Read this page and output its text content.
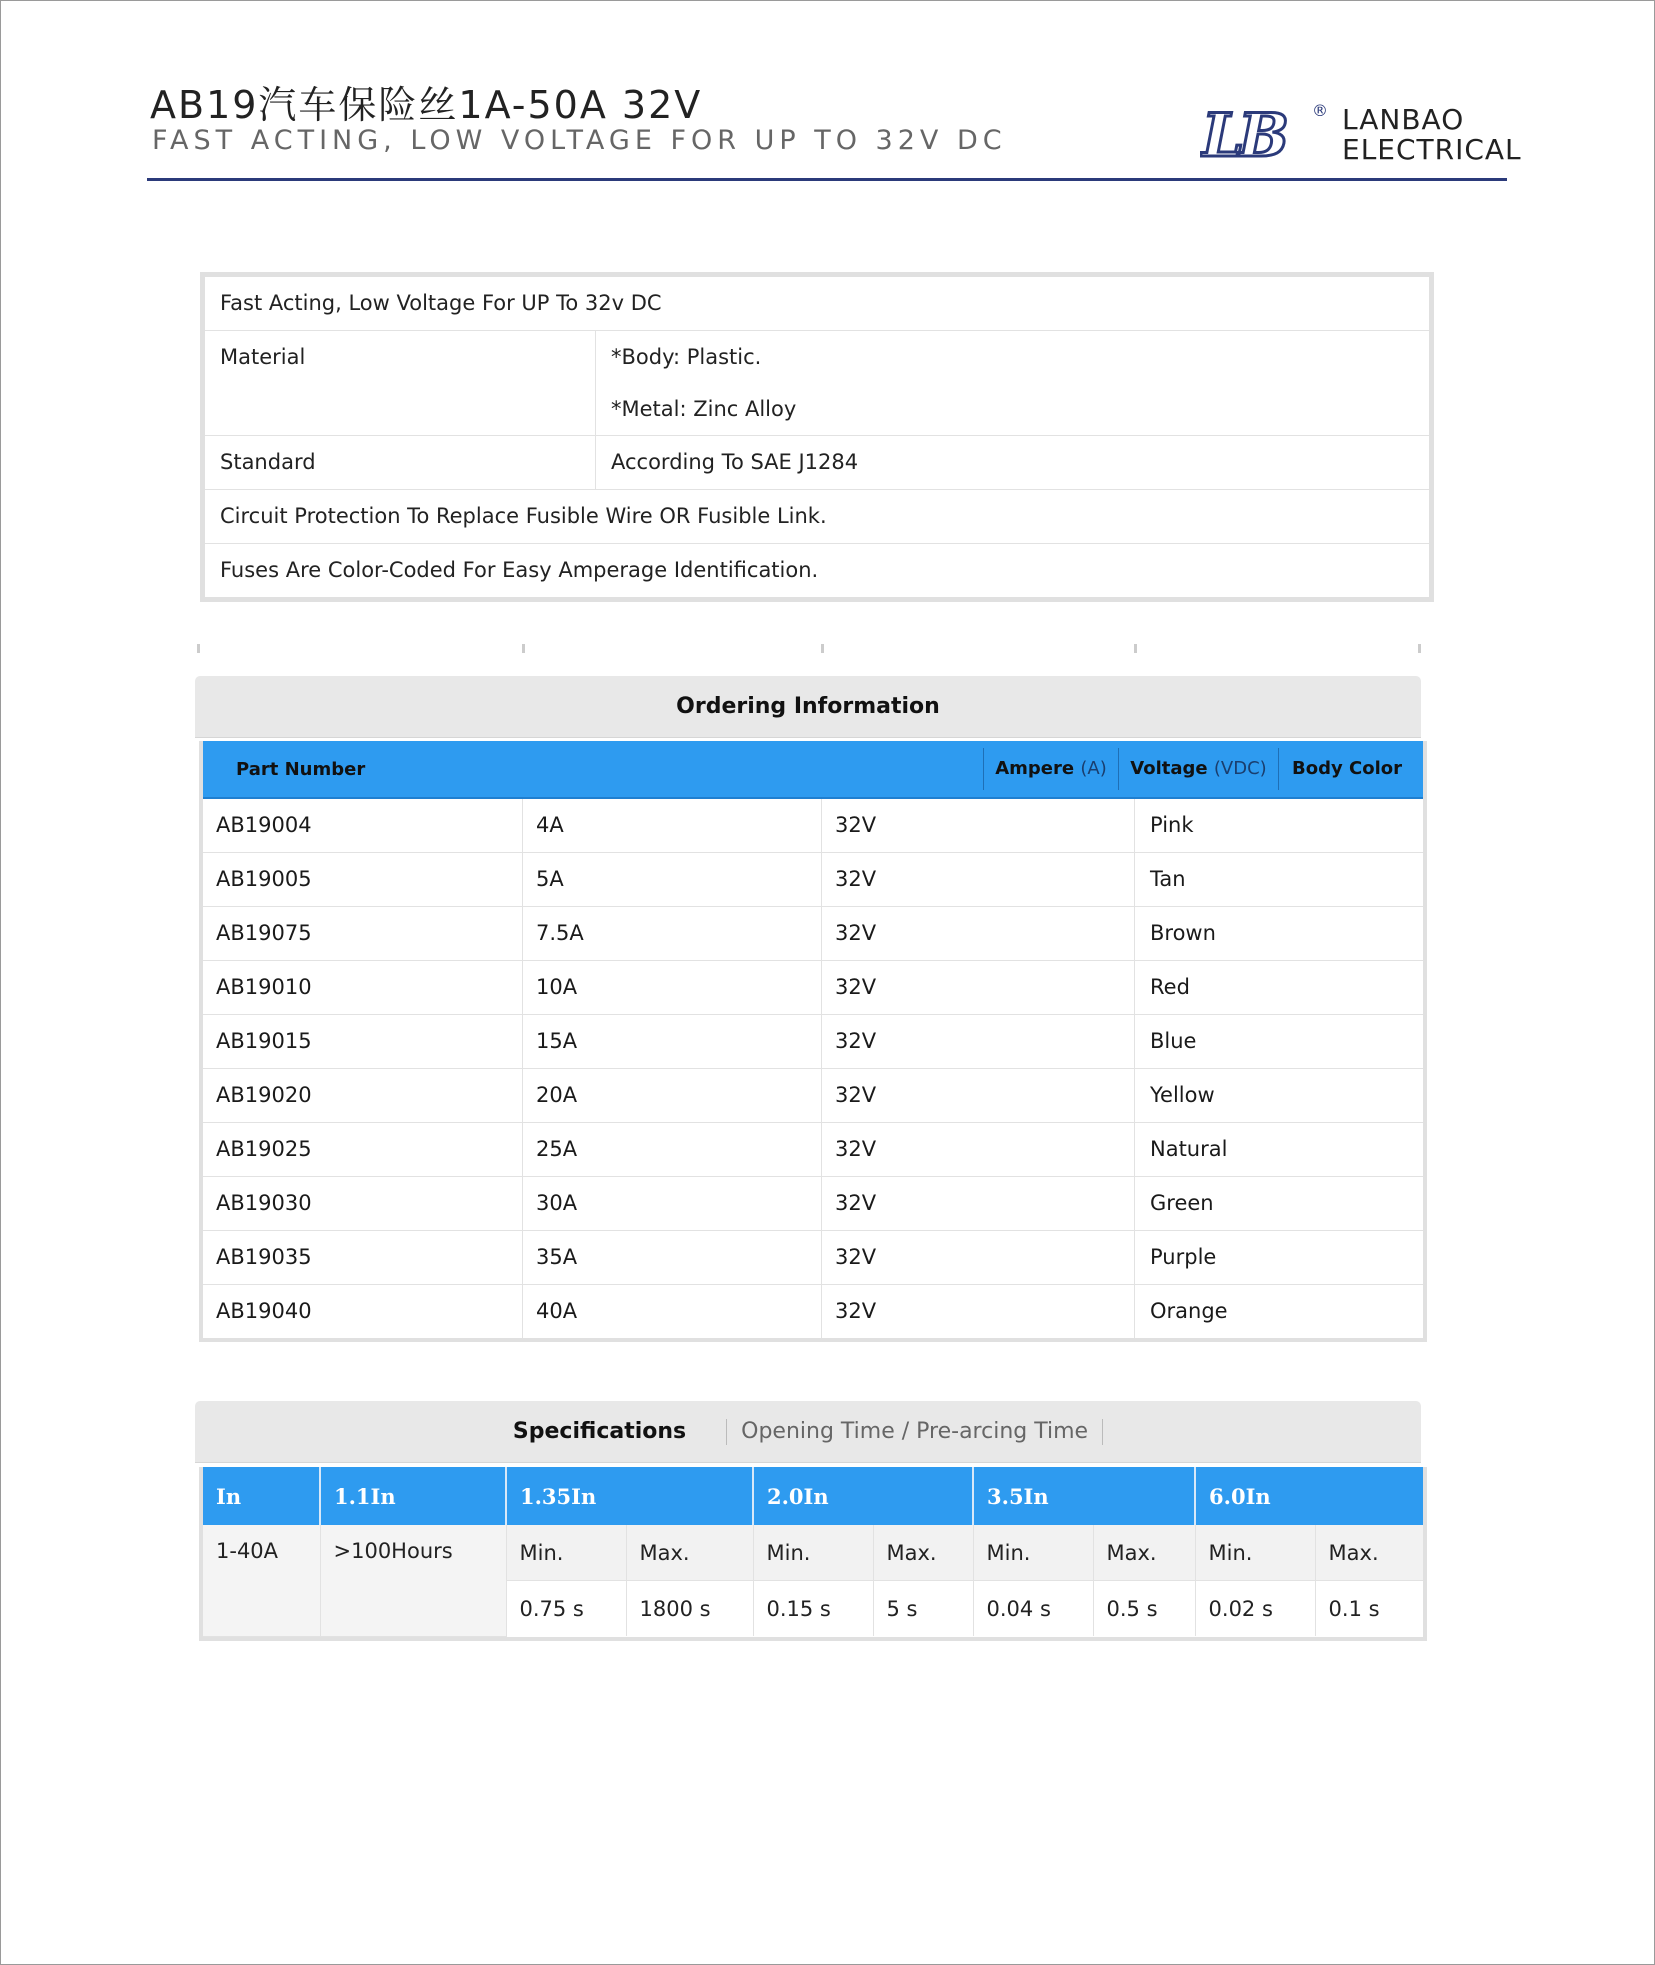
AB19汽车保险丝1A-50A 32V
FAST ACTING, LOW VOLTAGE FOR UP TO 32V DC	LB ® LANBAO
ELECTRICAL
Fast Acting, Low Voltage For UP To 32v DC
Material	*Body: Plastic.
*Metal: Zinc Alloy
Standard	According To SAE J1284
Circuit Protection To Replace Fusible Wire OR Fusible Link.
Fuses Are Color-Coded For Easy Amperage Identification.
Ordering Information
Part Number	Ampere (A)	Voltage (VDC)	Body Color
AB19004	4A	32V	Pink
AB19005	5A	32V	Tan
AB19075	7.5A	32V	Brown
AB19010	10A	32V	Red
AB19015	15A	32V	Blue
AB19020	20A	32V	Yellow
AB19025	25A	32V	Natural
AB19030	30A	32V	Green
AB19035	35A	32V	Purple
AB19040	40A	32V	Orange
Specifications	Opening Time / Pre-arcing Time
In	1.1In	1.35In		2.0In		3.5In		6.0In	
1-40A	>100Hours	Min.	Max.	Min.	Max.	Min.	Max.	Min.	Max.
		0.75 s	1800 s	0.15 s	5 s	0.04 s	0.5 s	0.02 s	0.1 s
